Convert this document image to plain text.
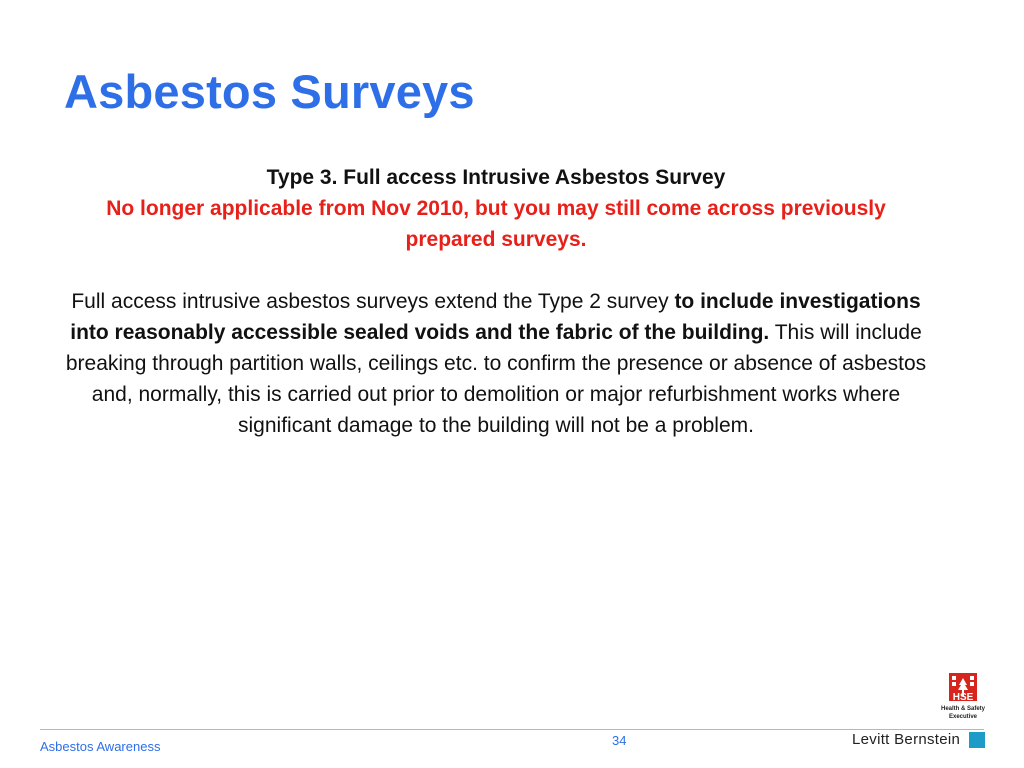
Asbestos Surveys

Type 3. Full access Intrusive Asbestos Survey

No longer applicable from Nov 2010, but you may still come across previously prepared surveys.

Full access intrusive asbestos surveys extend the Type 2 survey to include investigations into reasonably accessible sealed voids and the fabric of the building. This will include breaking through partition walls, ceilings etc. to confirm the presence or absence of asbestos and, normally, this is carried out prior to demolition or major refurbishment works where significant damage to the building will not be a problem.

HSE
Health & Safety
Executive
Asbestos Awareness	34	Levitt Bernstein
